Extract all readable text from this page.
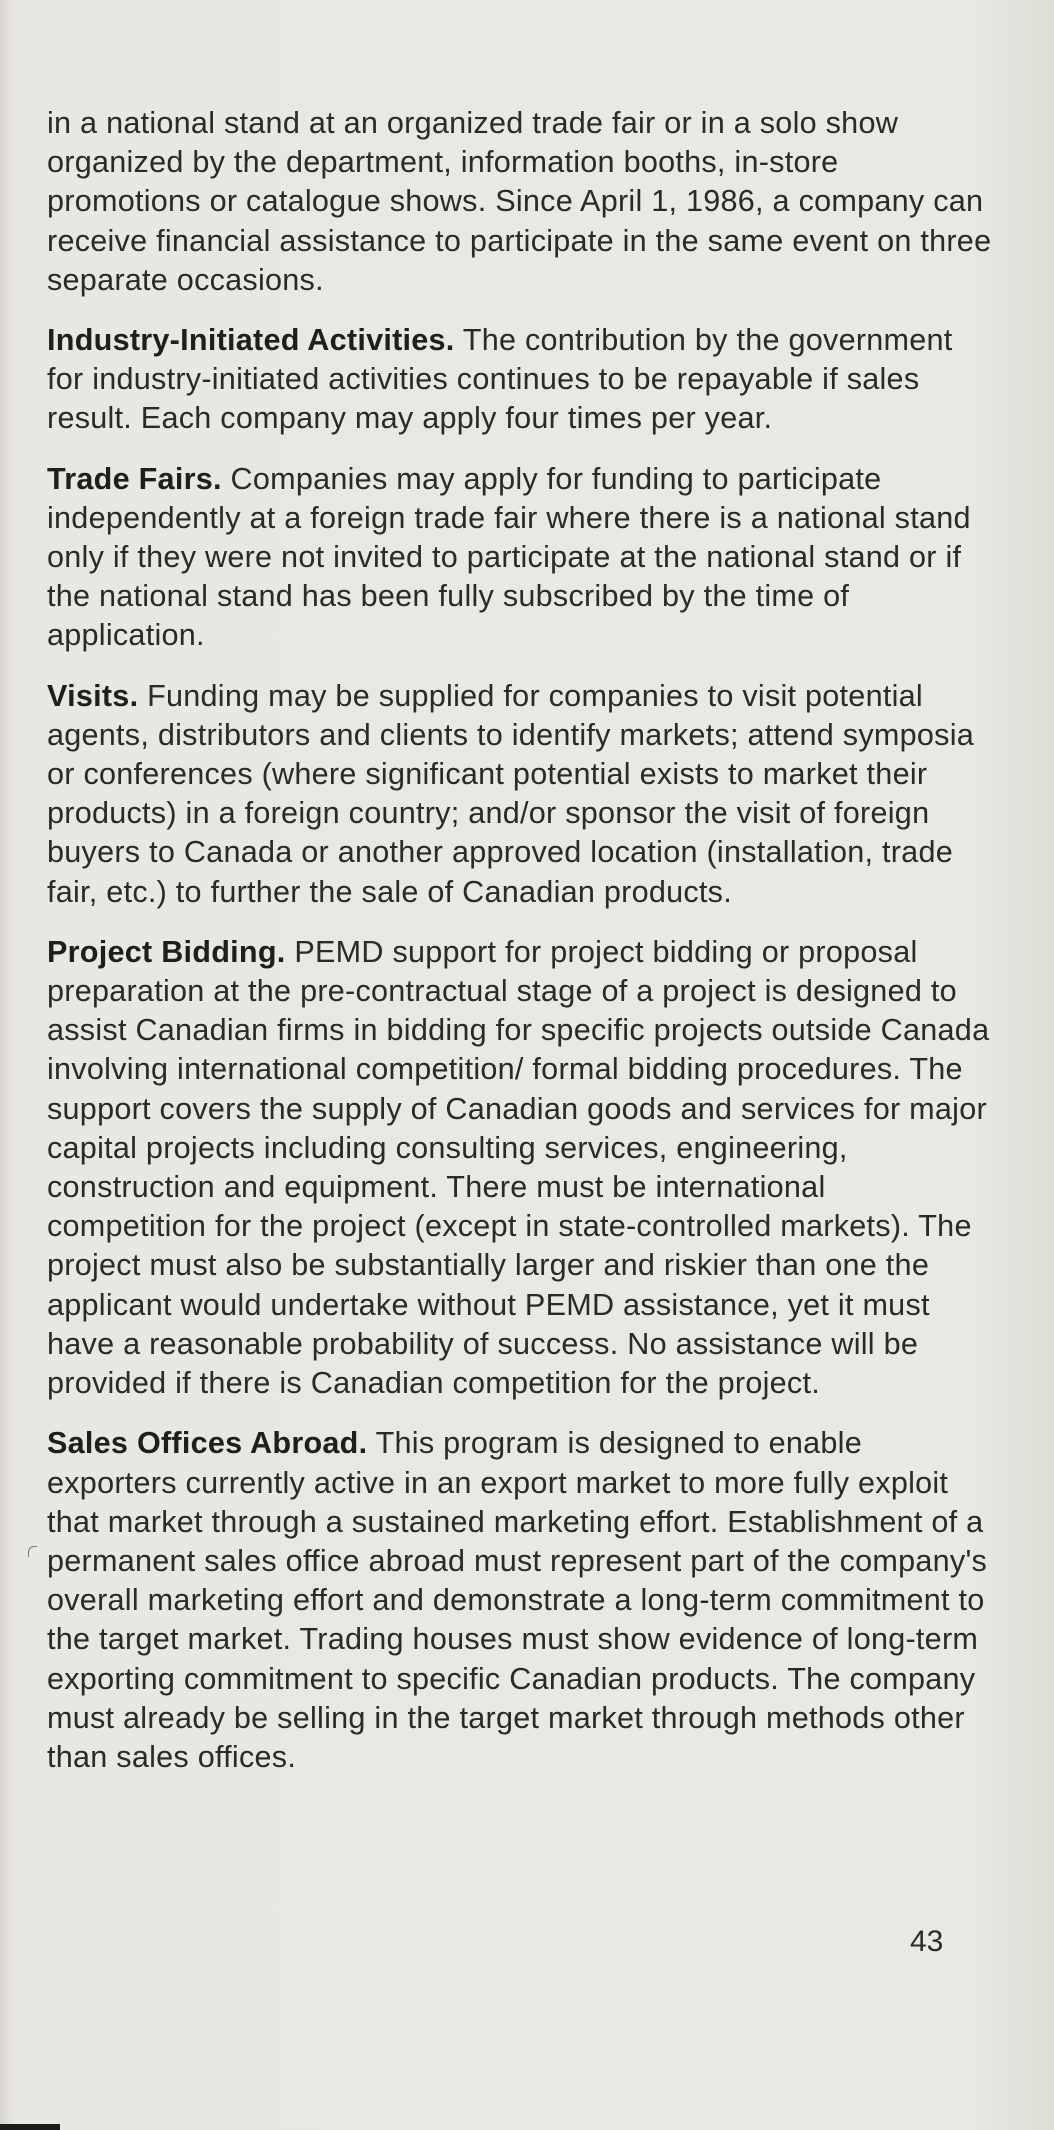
in a national stand at an organized trade fair or in a solo show organized by the department, information booths, in-store promotions or catalogue shows. Since April 1, 1986, a company can receive financial assistance to participate in the same event on three separate occasions.

Industry-Initiated Activities. The contribution by the government for industry-initiated activities continues to be repayable if sales result. Each company may apply four times per year.

Trade Fairs. Companies may apply for funding to participate independently at a foreign trade fair where there is a national stand only if they were not invited to participate at the national stand or if the national stand has been fully subscribed by the time of application.

Visits. Funding may be supplied for companies to visit potential agents, distributors and clients to identify markets; attend symposia or conferences (where significant potential exists to market their products) in a foreign country; and/or sponsor the visit of foreign buyers to Canada or another approved location (installation, trade fair, etc.) to further the sale of Canadian products.

Project Bidding. PEMD support for project bidding or proposal preparation at the pre-contractual stage of a project is designed to assist Canadian firms in bidding for specific projects outside Canada involving international competition/ formal bidding procedures. The support covers the supply of Canadian goods and services for major capital projects including consulting services, engineering, construction and equipment. There must be international competition for the project (except in state-controlled markets). The project must also be substantially larger and riskier than one the applicant would undertake without PEMD assistance, yet it must have a reasonable probability of success. No assistance will be provided if there is Canadian competition for the project.

Sales Offices Abroad. This program is designed to enable exporters currently active in an export market to more fully exploit that market through a sustained marketing effort. Establishment of a permanent sales office abroad must represent part of the company's overall marketing effort and demonstrate a long-term commitment to the target market. Trading houses must show evidence of long-term exporting commitment to specific Canadian products. The company must already be selling in the target market through methods other than sales offices.

43
